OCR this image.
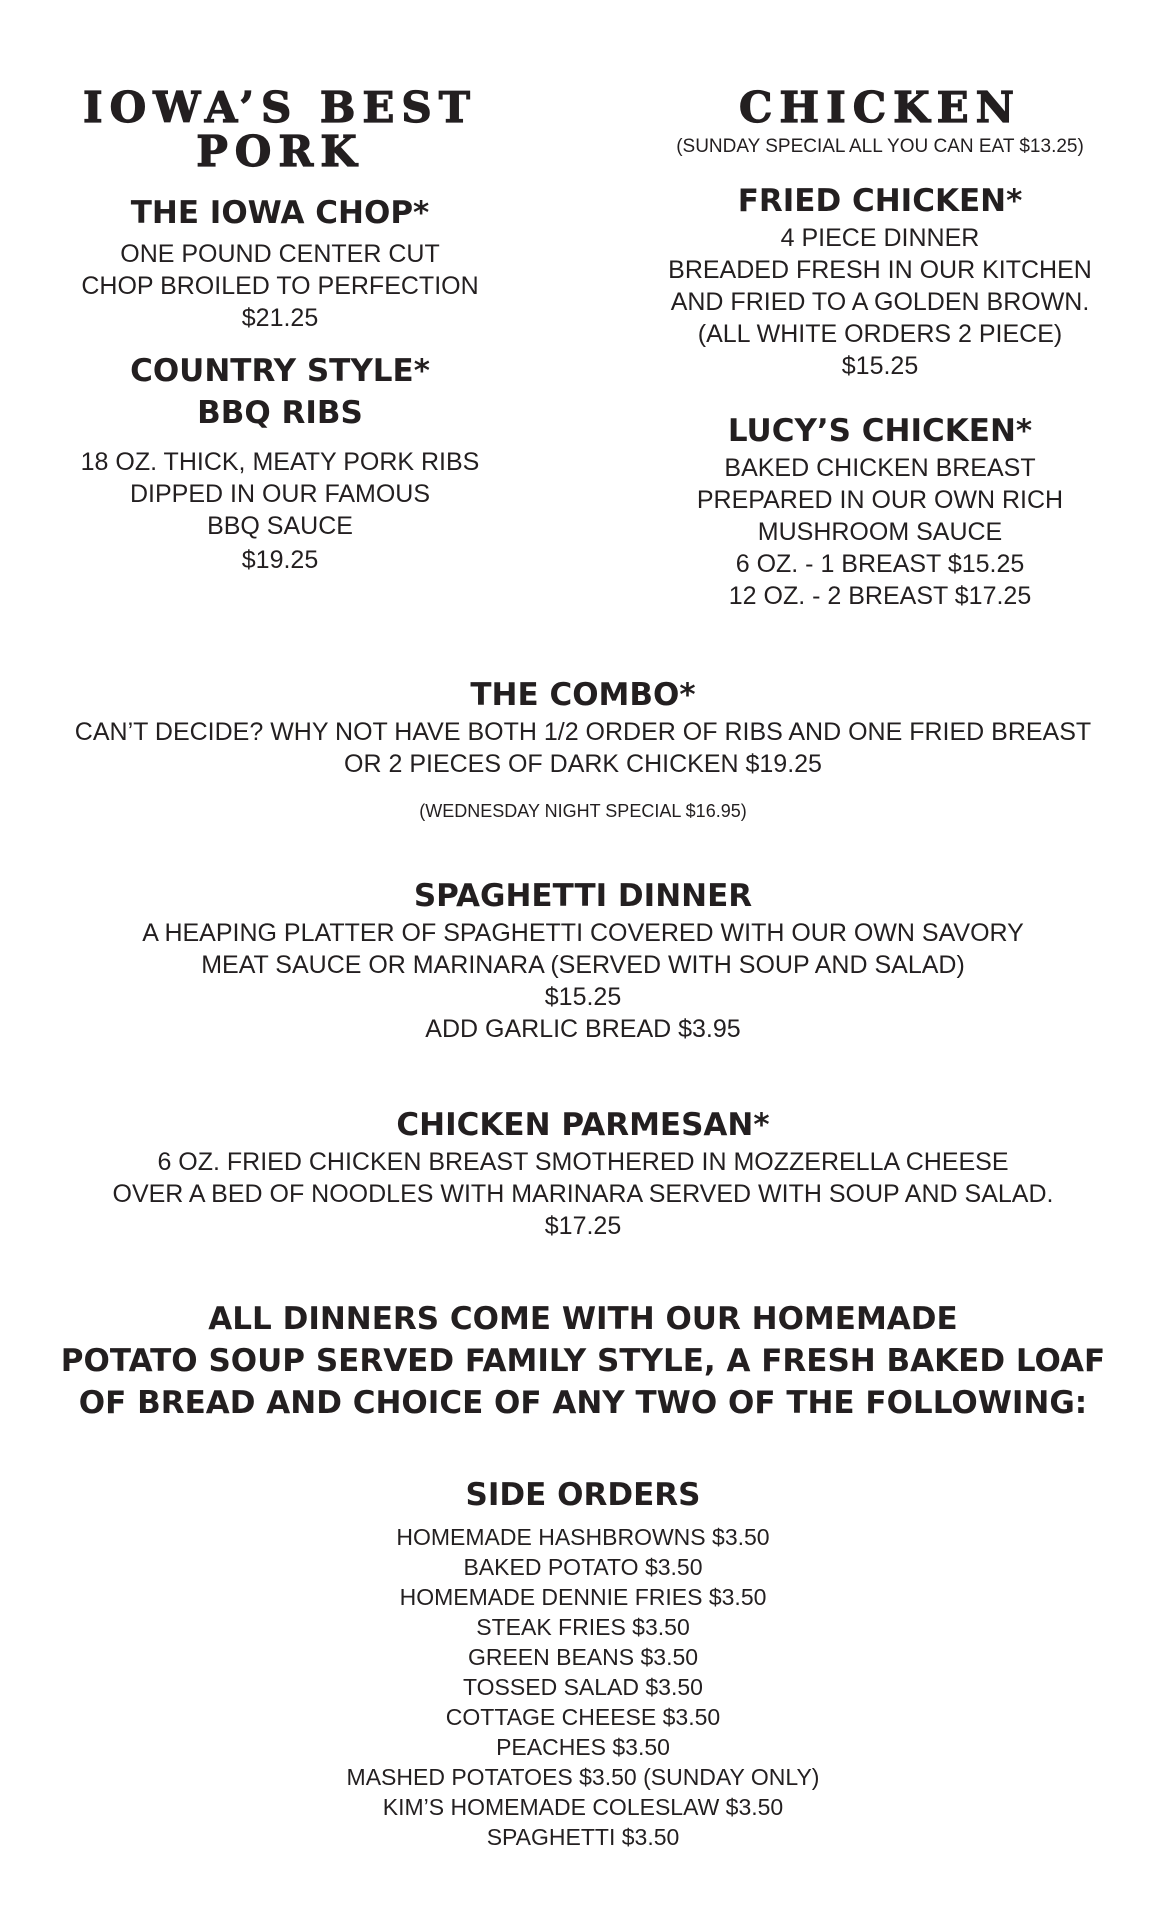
IOWA’S BEST

PORK

THE IOWA CHOP*

ONE POUND CENTER CUT

CHOP BROILED TO PERFECTION

$21.25

COUNTRY STYLE*

BBQ RIBS

18 OZ. THICK, MEATY PORK RIBS

DIPPED IN OUR FAMOUS

BBQ SAUCE

$19.25

CHICKEN

(SUNDAY SPECIAL ALL YOU CAN EAT $13.25)

FRIED CHICKEN*

4 PIECE DINNER

BREADED FRESH IN OUR KITCHEN

AND FRIED TO A GOLDEN BROWN.

(ALL WHITE ORDERS 2 PIECE)

$15.25

LUCY’S CHICKEN*

BAKED CHICKEN BREAST

PREPARED IN OUR OWN RICH

MUSHROOM SAUCE

6 OZ. - 1 BREAST $15.25

12 OZ. - 2 BREAST $17.25

THE COMBO*

CAN’T DECIDE? WHY NOT HAVE BOTH 1/2 ORDER OF RIBS AND ONE FRIED BREAST

OR 2 PIECES OF DARK CHICKEN $19.25

(WEDNESDAY NIGHT SPECIAL $16.95)

SPAGHETTI DINNER

A HEAPING PLATTER OF SPAGHETTI COVERED WITH OUR OWN SAVORY

MEAT SAUCE OR MARINARA (SERVED WITH SOUP AND SALAD)

$15.25

ADD GARLIC BREAD $3.95

CHICKEN PARMESAN*

6 OZ. FRIED CHICKEN BREAST SMOTHERED IN MOZZERELLA CHEESE

OVER A BED OF NOODLES WITH MARINARA SERVED WITH SOUP AND SALAD.

$17.25

ALL DINNERS COME WITH OUR HOMEMADE

POTATO SOUP SERVED FAMILY STYLE, A FRESH BAKED LOAF

OF BREAD AND CHOICE OF ANY TWO OF THE FOLLOWING:

SIDE ORDERS

HOMEMADE HASHBROWNS $3.50

BAKED POTATO $3.50

HOMEMADE DENNIE FRIES $3.50

STEAK FRIES $3.50

GREEN BEANS $3.50

TOSSED SALAD $3.50

COTTAGE CHEESE $3.50

PEACHES $3.50

MASHED POTATOES $3.50 (SUNDAY ONLY)

KIM’S HOMEMADE COLESLAW $3.50

SPAGHETTI $3.50
